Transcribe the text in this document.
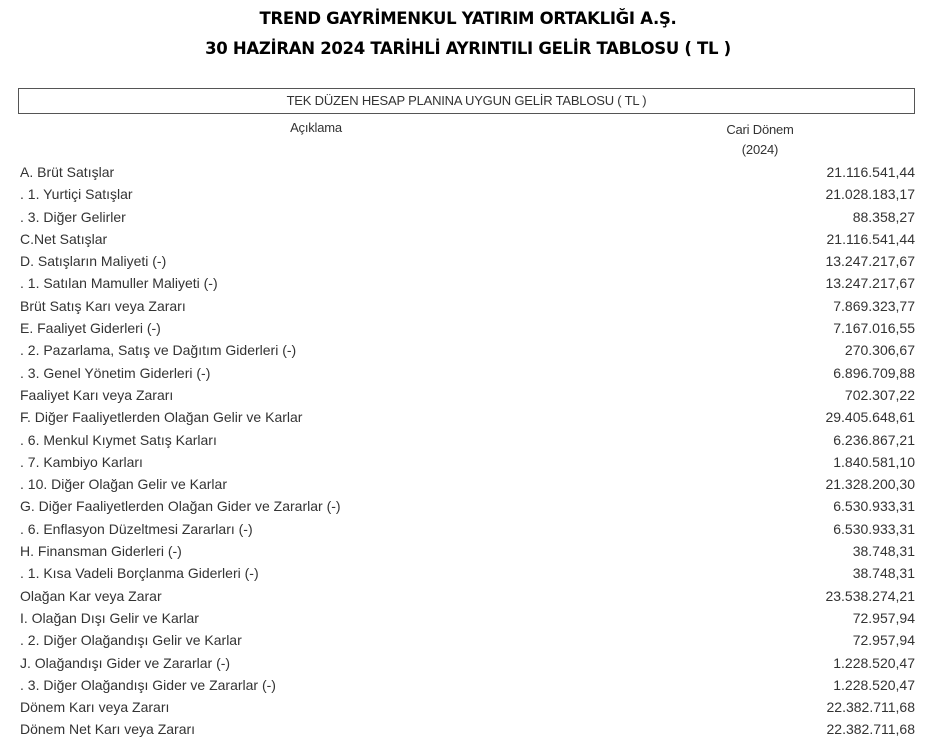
TREND GAYRİMENKUL YATIRIM ORTAKLIĞI A.Ş.
30 HAZİRAN 2024 TARİHLİ AYRINTILI GELİR TABLOSU ( TL )
TEK DÜZEN HESAP PLANINA UYGUN GELİR TABLOSU ( TL )
Açıklama	Cari Dönem
(2024)
A. Brüt Satışlar	21.116.541,44
. 1. Yurtiçi Satışlar	21.028.183,17
. 3. Diğer Gelirler	88.358,27
C.Net Satışlar	21.116.541,44
D. Satışların Maliyeti (-)	13.247.217,67
. 1. Satılan Mamuller Maliyeti (-)	13.247.217,67
Brüt Satış Karı veya Zararı	7.869.323,77
E. Faaliyet Giderleri (-)	7.167.016,55
. 2. Pazarlama, Satış ve Dağıtım Giderleri (-)	270.306,67
. 3. Genel Yönetim Giderleri (-)	6.896.709,88
Faaliyet Karı veya Zararı	702.307,22
F. Diğer Faaliyetlerden Olağan Gelir ve Karlar	29.405.648,61
. 6. Menkul Kıymet Satış Karları	6.236.867,21
. 7. Kambiyo Karları	1.840.581,10
. 10. Diğer Olağan Gelir ve Karlar	21.328.200,30
G. Diğer Faaliyetlerden Olağan Gider ve Zararlar (-)	6.530.933,31
. 6. Enflasyon Düzeltmesi Zararları (-)	6.530.933,31
H. Finansman Giderleri (-)	38.748,31
. 1. Kısa Vadeli Borçlanma Giderleri (-)	38.748,31
Olağan Kar veya Zarar	23.538.274,21
I. Olağan Dışı Gelir ve Karlar	72.957,94
. 2. Diğer Olağandışı Gelir ve Karlar	72.957,94
J. Olağandışı Gider ve Zararlar (-)	1.228.520,47
. 3. Diğer Olağandışı Gider ve Zararlar (-)	1.228.520,47
Dönem Karı veya Zararı	22.382.711,68
Dönem Net Karı veya Zararı	22.382.711,68
